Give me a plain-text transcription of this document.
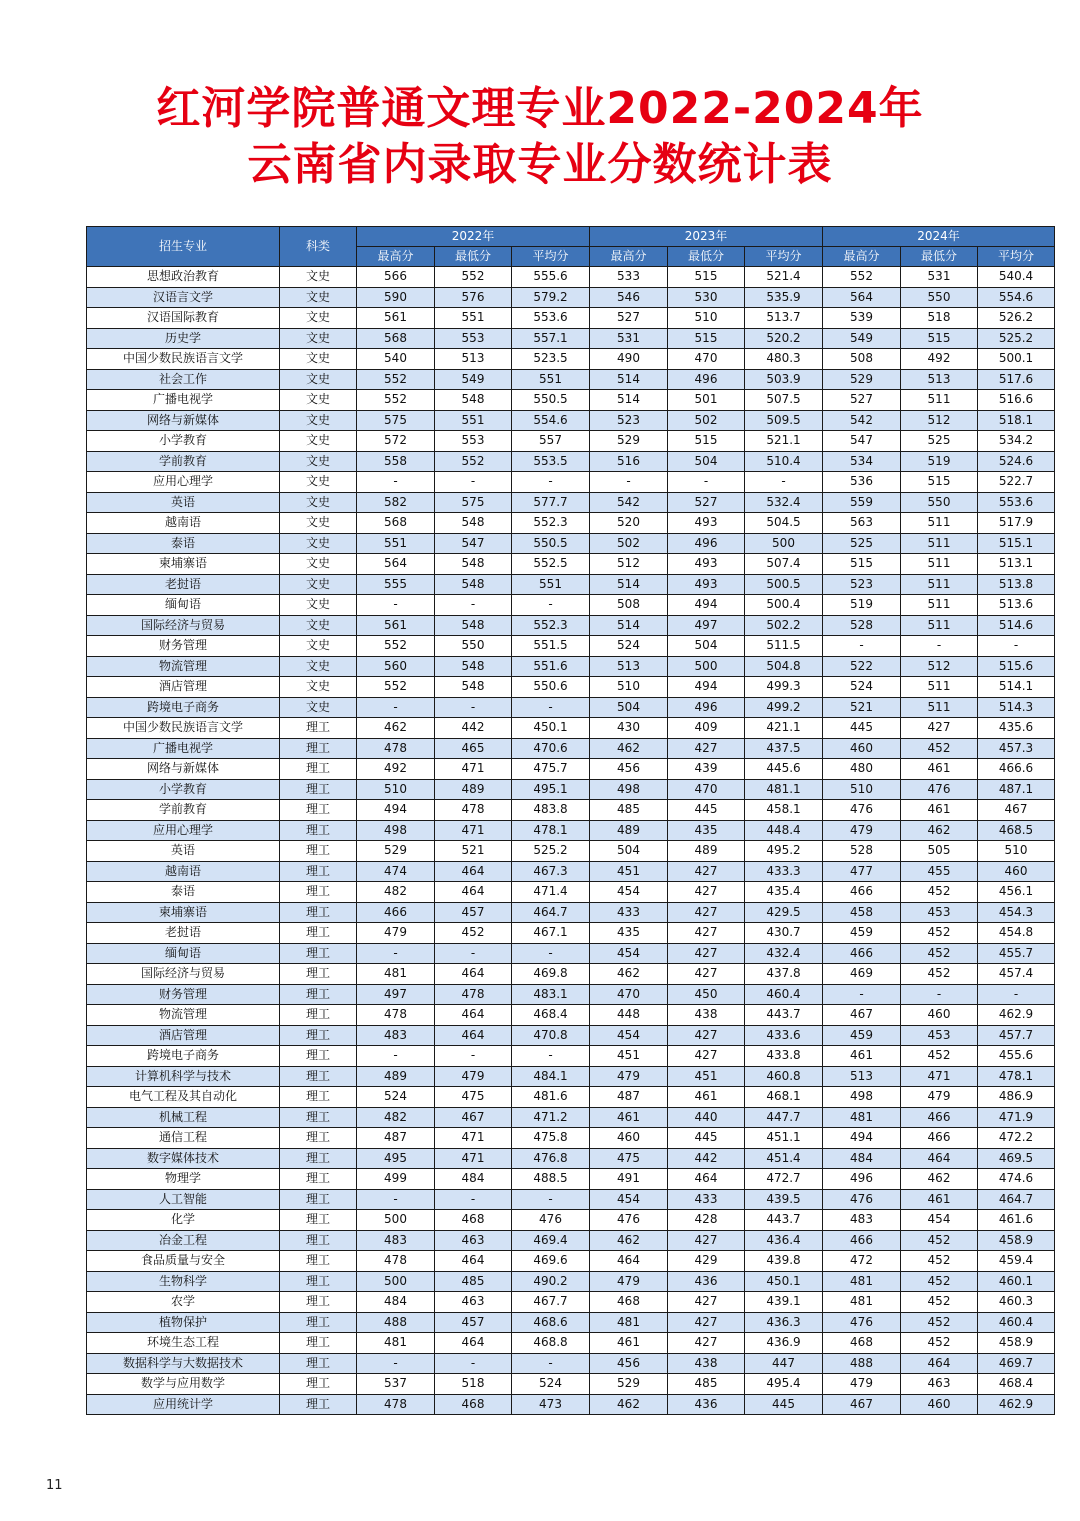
红河学院普通文理专业2022-2024年
云南省内录取专业分数统计表
招生专业	科类	2022年			2023年			2024年		
		最高分	最低分	平均分	最高分	最低分	平均分	最高分	最低分	平均分
思想政治教育	文史	566	552	555.6	533	515	521.4	552	531	540.4
汉语言文学	文史	590	576	579.2	546	530	535.9	564	550	554.6
汉语国际教育	文史	561	551	553.6	527	510	513.7	539	518	526.2
历史学	文史	568	553	557.1	531	515	520.2	549	515	525.2
中国少数民族语言文学	文史	540	513	523.5	490	470	480.3	508	492	500.1
社会工作	文史	552	549	551	514	496	503.9	529	513	517.6
广播电视学	文史	552	548	550.5	514	501	507.5	527	511	516.6
网络与新媒体	文史	575	551	554.6	523	502	509.5	542	512	518.1
小学教育	文史	572	553	557	529	515	521.1	547	525	534.2
学前教育	文史	558	552	553.5	516	504	510.4	534	519	524.6
应用心理学	文史	-	-	-	-	-	-	536	515	522.7
英语	文史	582	575	577.7	542	527	532.4	559	550	553.6
越南语	文史	568	548	552.3	520	493	504.5	563	511	517.9
泰语	文史	551	547	550.5	502	496	500	525	511	515.1
柬埔寨语	文史	564	548	552.5	512	493	507.4	515	511	513.1
老挝语	文史	555	548	551	514	493	500.5	523	511	513.8
缅甸语	文史	-	-	-	508	494	500.4	519	511	513.6
国际经济与贸易	文史	561	548	552.3	514	497	502.2	528	511	514.6
财务管理	文史	552	550	551.5	524	504	511.5	-	-	-
物流管理	文史	560	548	551.6	513	500	504.8	522	512	515.6
酒店管理	文史	552	548	550.6	510	494	499.3	524	511	514.1
跨境电子商务	文史	-	-	-	504	496	499.2	521	511	514.3
中国少数民族语言文学	理工	462	442	450.1	430	409	421.1	445	427	435.6
广播电视学	理工	478	465	470.6	462	427	437.5	460	452	457.3
网络与新媒体	理工	492	471	475.7	456	439	445.6	480	461	466.6
小学教育	理工	510	489	495.1	498	470	481.1	510	476	487.1
学前教育	理工	494	478	483.8	485	445	458.1	476	461	467
应用心理学	理工	498	471	478.1	489	435	448.4	479	462	468.5
英语	理工	529	521	525.2	504	489	495.2	528	505	510
越南语	理工	474	464	467.3	451	427	433.3	477	455	460
泰语	理工	482	464	471.4	454	427	435.4	466	452	456.1
柬埔寨语	理工	466	457	464.7	433	427	429.5	458	453	454.3
老挝语	理工	479	452	467.1	435	427	430.7	459	452	454.8
缅甸语	理工	-	-	-	454	427	432.4	466	452	455.7
国际经济与贸易	理工	481	464	469.8	462	427	437.8	469	452	457.4
财务管理	理工	497	478	483.1	470	450	460.4	-	-	-
物流管理	理工	478	464	468.4	448	438	443.7	467	460	462.9
酒店管理	理工	483	464	470.8	454	427	433.6	459	453	457.7
跨境电子商务	理工	-	-	-	451	427	433.8	461	452	455.6
计算机科学与技术	理工	489	479	484.1	479	451	460.8	513	471	478.1
电气工程及其自动化	理工	524	475	481.6	487	461	468.1	498	479	486.9
机械工程	理工	482	467	471.2	461	440	447.7	481	466	471.9
通信工程	理工	487	471	475.8	460	445	451.1	494	466	472.2
数字媒体技术	理工	495	471	476.8	475	442	451.4	484	464	469.5
物理学	理工	499	484	488.5	491	464	472.7	496	462	474.6
人工智能	理工	-	-	-	454	433	439.5	476	461	464.7
化学	理工	500	468	476	476	428	443.7	483	454	461.6
冶金工程	理工	483	463	469.4	462	427	436.4	466	452	458.9
食品质量与安全	理工	478	464	469.6	464	429	439.8	472	452	459.4
生物科学	理工	500	485	490.2	479	436	450.1	481	452	460.1
农学	理工	484	463	467.7	468	427	439.1	481	452	460.3
植物保护	理工	488	457	468.6	481	427	436.3	476	452	460.4
环境生态工程	理工	481	464	468.8	461	427	436.9	468	452	458.9
数据科学与大数据技术	理工	-	-	-	456	438	447	488	464	469.7
数学与应用数学	理工	537	518	524	529	485	495.4	479	463	468.4
应用统计学	理工	478	468	473	462	436	445	467	460	462.9
11
